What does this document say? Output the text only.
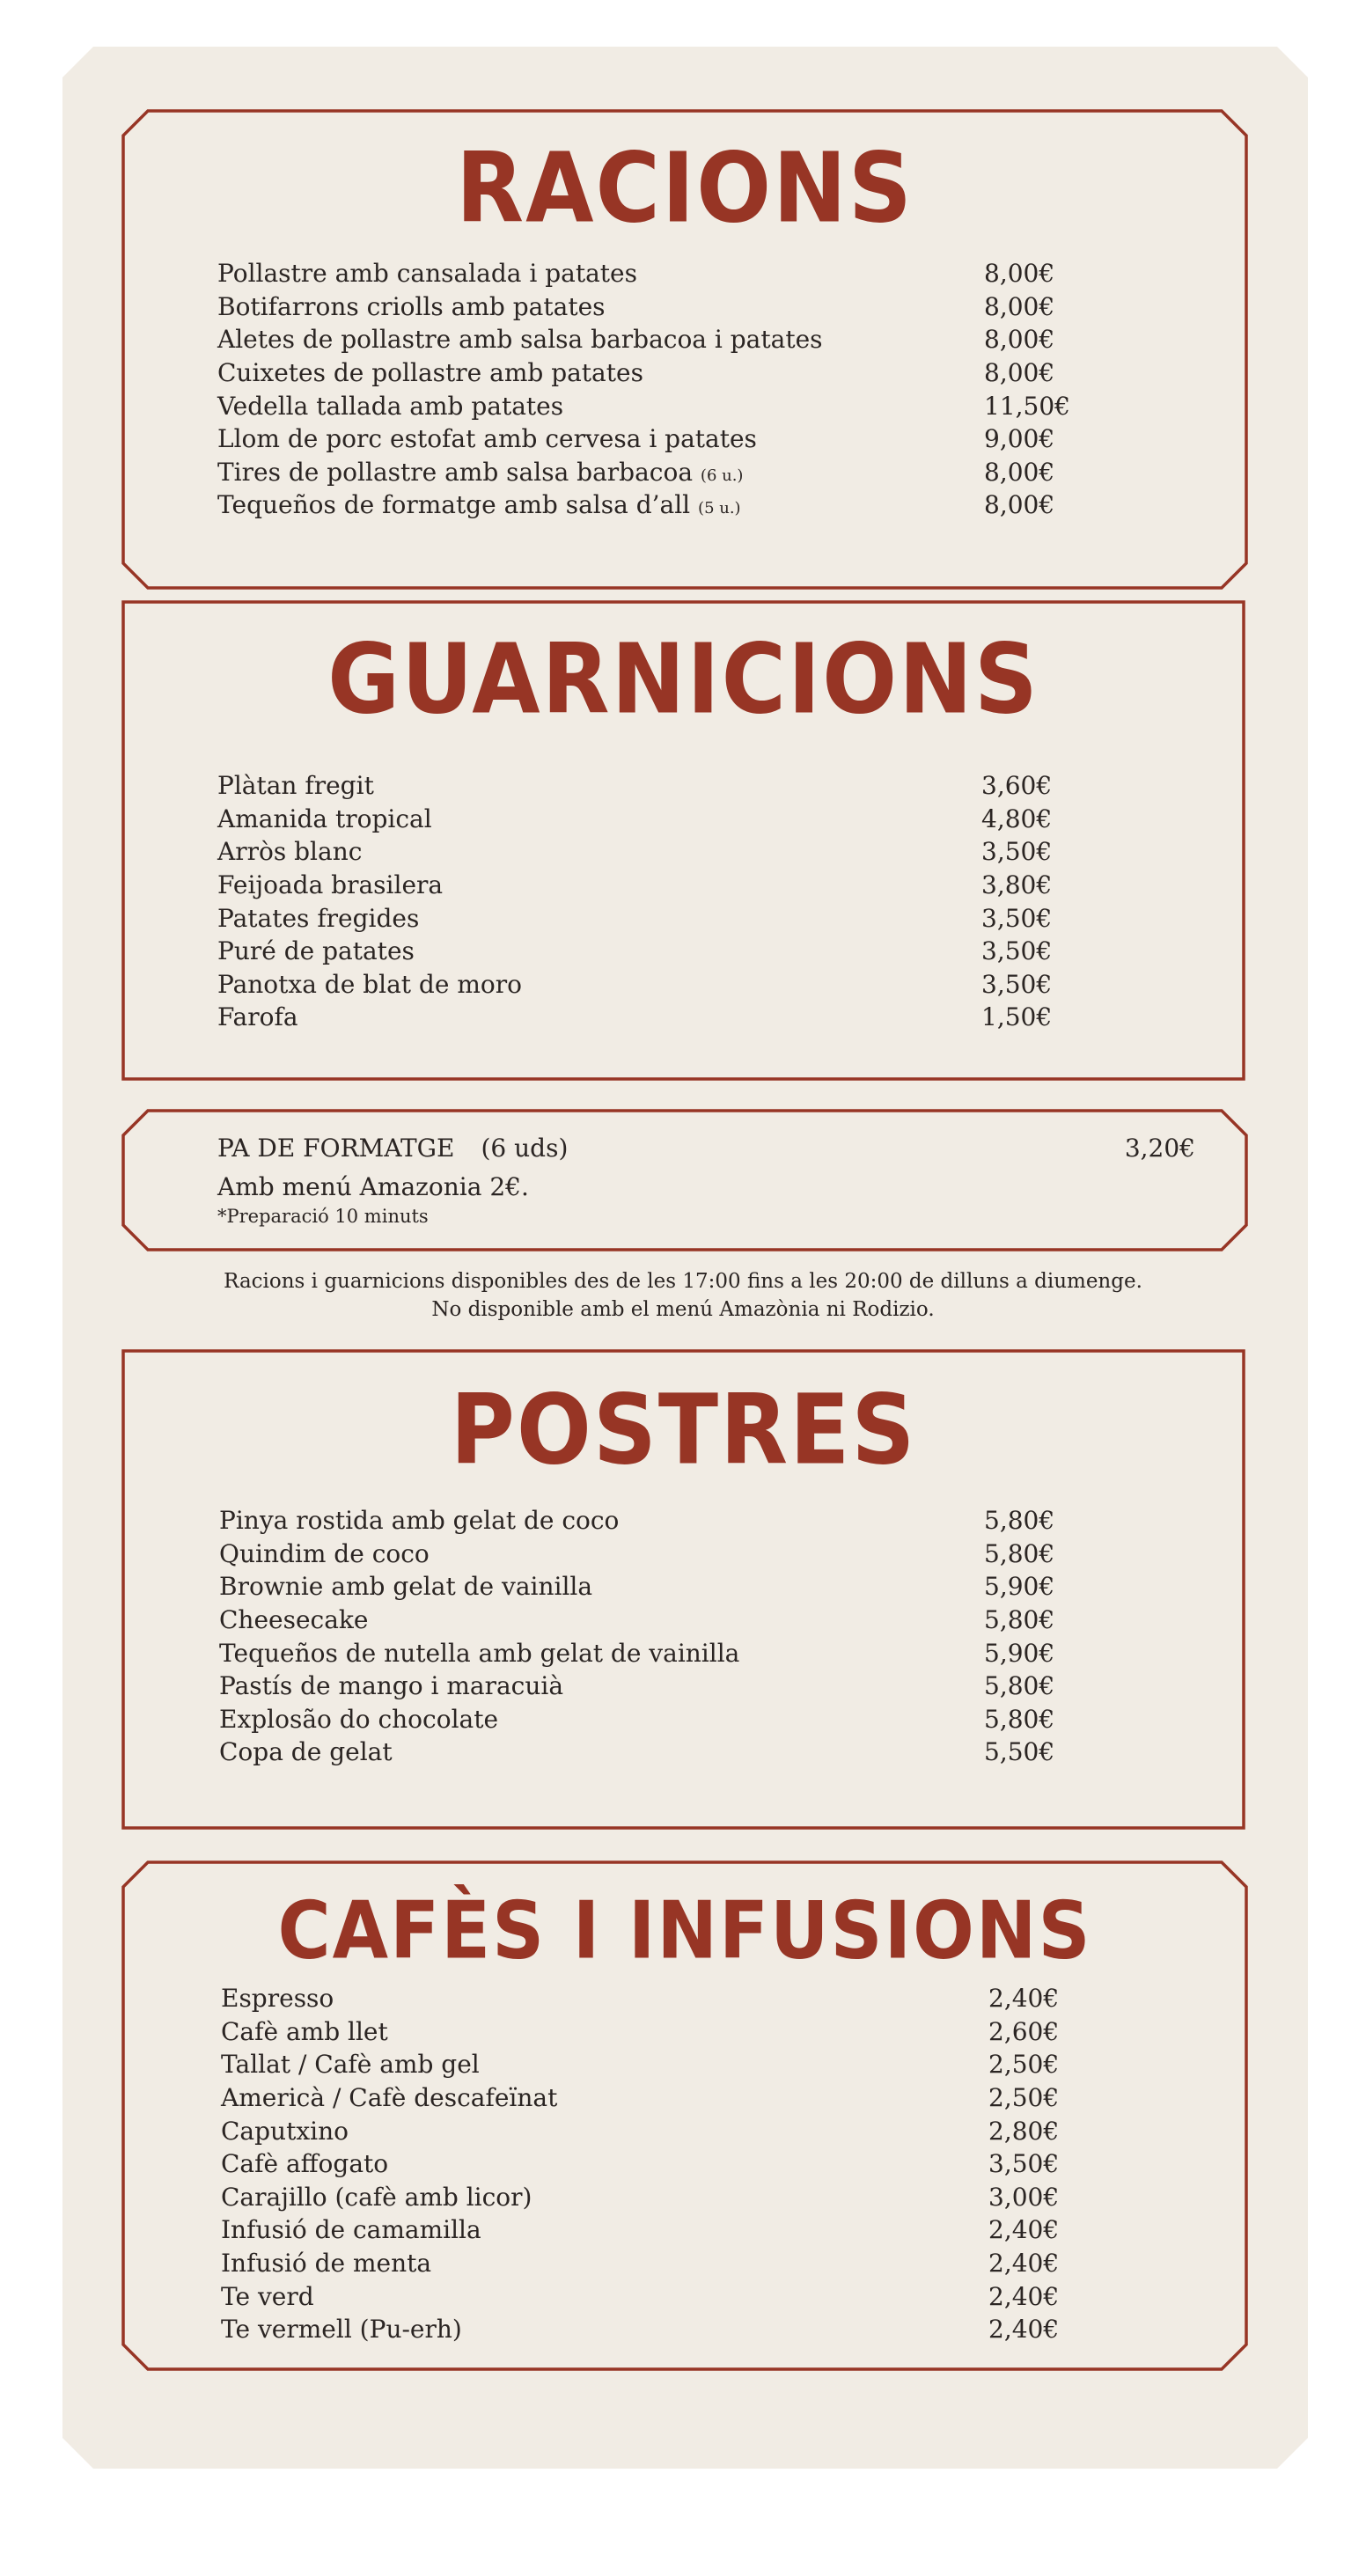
RACIONS
Pollastre amb cansalada i patates	8,00€
Botifarrons criolls amb patates	8,00€
Aletes de pollastre amb salsa barbacoa i patates	8,00€
Cuixetes de pollastre amb patates	8,00€
Vedella tallada amb patates	11,50€
Llom de porc estofat amb cervesa i patates	9,00€
Tires de pollastre amb salsa barbacoa (6 u.)	8,00€
Tequeños de formatge amb salsa d’all (5 u.)	8,00€
GUARNICIONS
Plàtan fregit	3,60€
Amanida tropical	4,80€
Arròs blanc	3,50€
Feijoada brasilera	3,80€
Patates fregides	3,50€
Puré de patates	3,50€
Panotxa de blat de moro	3,50€
Farofa	1,50€
PA DE FORMATGE (6 uds)	3,20€
Amb menú Amazonia 2€.
*Preparació 10 minuts
Racions i guarnicions disponibles des de les 17:00 fins a les 20:00 de dilluns a diumenge.
No disponible amb el menú Amazònia ni Rodizio.
POSTRES
Pinya rostida amb gelat de coco	5,80€
Quindim de coco	5,80€
Brownie amb gelat de vainilla	5,90€
Cheesecake	5,80€
Tequeños de nutella amb gelat de vainilla	5,90€
Pastís de mango i maracuià	5,80€
Explosão do chocolate	5,80€
Copa de gelat	5,50€
CAFÈS I INFUSIONS
Espresso	2,40€
Cafè amb llet	2,60€
Tallat / Cafè amb gel	2,50€
Americà / Cafè descafeïnat	2,50€
Caputxino	2,80€
Cafè affogato	3,50€
Carajillo (cafè amb licor)	3,00€
Infusió de camamilla	2,40€
Infusió de menta	2,40€
Te verd	2,40€
Te vermell (Pu-erh)	2,40€
